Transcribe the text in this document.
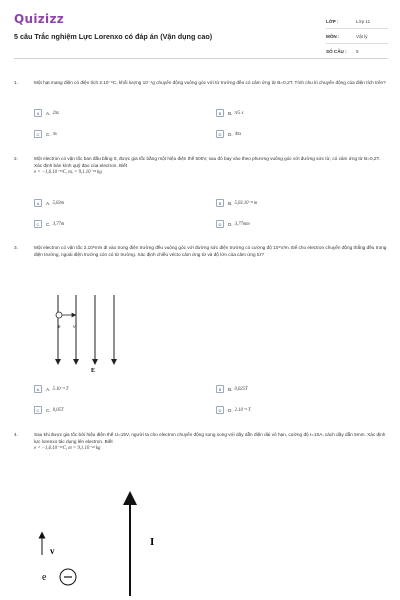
Quizizz
5 câu Trắc nghiệm Lực Lorenxo có đáp án (Vận dụng cao)
LỚP :	Lớp 11
MÔN :	Vật lý
SỐ CÂU :	5
1.	Một hạt mang điện có điện tích 2.10⁻⁶C, khối lượng 10⁻⁴g chuyển động vuông góc với từ trường đều có cảm ứng từ B=0,2T. Tính chu kì chuyển động của điện tích trên?
A	A. 2πs	B	B. π/5 s
C	C. πs	D	D. 4πs
2.	Một electron có vận tốc ban đầu bằng 0, được gia tốc bằng một hiệu điện thế 500V, sau đó bay vào theo phương vuông góc với đường sức từ, có cảm ứng từ B=0,2T. Xác định bán kính quỹ đạo của electron. Biết
e = −1,6.10⁻¹⁹C, mₑ = 9,1.10⁻³¹ kg
A	A. 5,03m	B	B. 5,03.10⁻⁴ m
C	C. 3,77m	D	D. 3,77mm
3.	Một electron có vận tốc 2.10⁶m/s đi vào trong điện trường đều vuông góc với đường sức điện trường có cường độ 10⁴V/m. Để cho electron chuyển động thẳng đều trong điện trường, ngoài điện trường còn có từ trường. Xác định chiều vécto cảm ứng từ và độ lớn của cảm ứng từ?
e v
E
A	A. 5.10⁻³ T	B	B. 0,025T
C	C. 0,05T	D	D. 2.10⁻³ T
4.	Sau khi được gia tốc bởi hiệu điện thế U=15V, người ta cho electron chuyển động song song với dây dẫn điện dài vô hạn, cường độ I=10A, cách dây dẫn 5mm. Xác định lực lorenxo tác dụng lên electron. Biết
e = −1,6.10⁻¹⁹C, m = 9,1.10⁻³¹ kg
I
v
e
